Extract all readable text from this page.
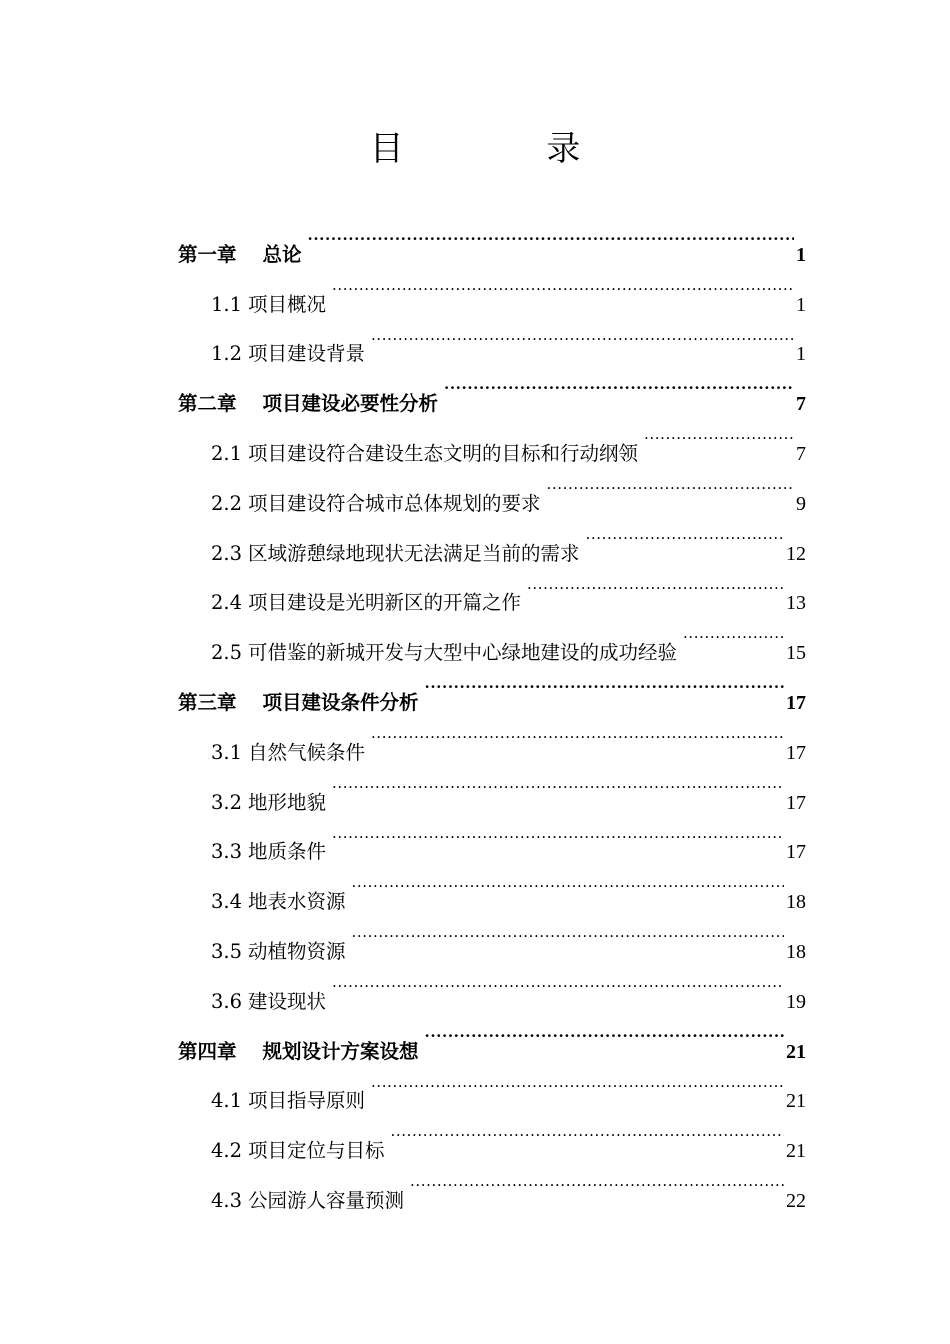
目 录
第一章 总论 .....	1
1.1 项目概况 .....	1
1.2 项目建设背景 .....	1
第二章 项目建设必要性分析 .....	7
2.1 项目建设符合建设生态文明的目标和行动纲领 .....	7
2.2 项目建设符合城市总体规划的要求 .....	9
2.3 区域游憩绿地现状无法满足当前的需求 .....	12
2.4 项目建设是光明新区的开篇之作 .....	13
2.5 可借鉴的新城开发与大型中心绿地建设的成功经验 .....	15
第三章 项目建设条件分析 .....	17
3.1 自然气候条件 .....	17
3.2 地形地貌 .....	17
3.3 地质条件 .....	17
3.4 地表水资源 .....	18
3.5 动植物资源 .....	18
3.6 建设现状 .....	19
第四章 规划设计方案设想 .....	21
4.1 项目指导原则 .....	21
4.2 项目定位与目标 .....	21
4.3 公园游人容量预测 .....	22
